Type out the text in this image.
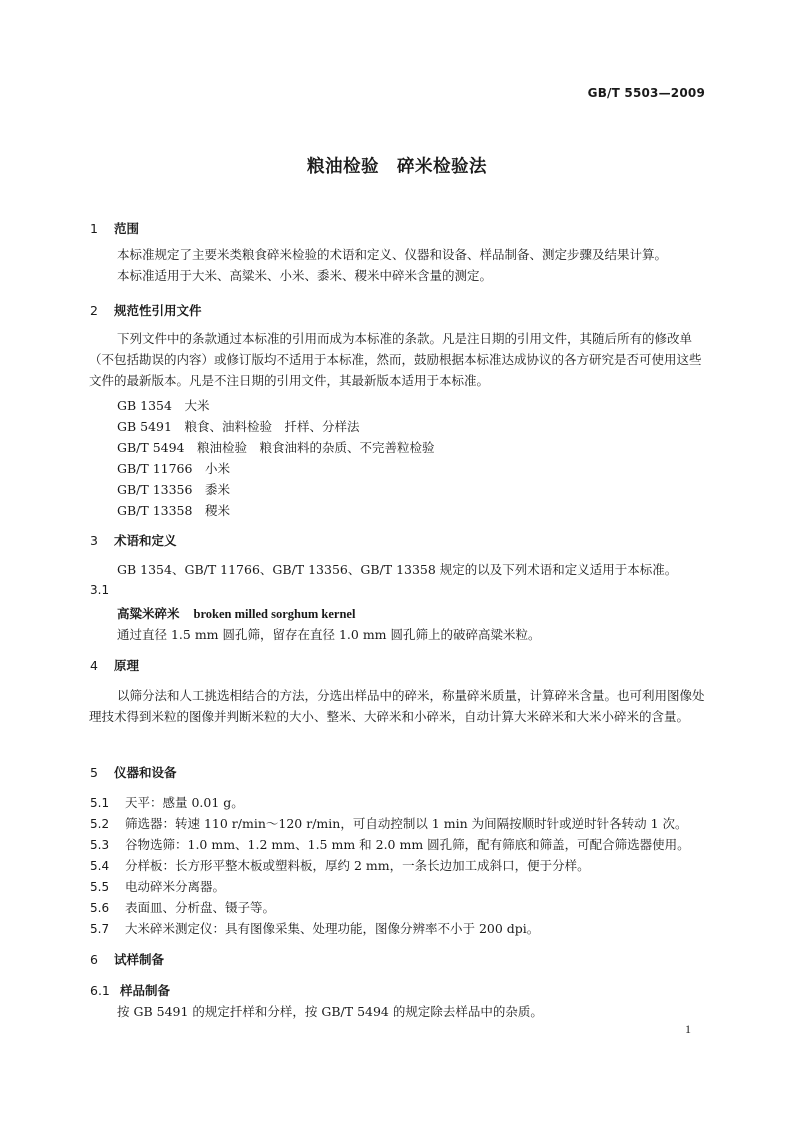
GB/T 5503—2009
粮油检验　碎米检验法
1 范围

本标准规定了主要米类粮食碎米检验的术语和定义、仪器和设备、样品制备、测定步骤及结果计算。

本标准适用于大米、高粱米、小米、黍米、稷米中碎米含量的测定。

2 规范性引用文件

下列文件中的条款通过本标准的引用而成为本标准的条款。凡是注日期的引用文件，其随后所有的修改单（不包括勘误的内容）或修订版均不适用于本标准，然而，鼓励根据本标准达成协议的各方研究是否可使用这些文件的最新版本。凡是不注日期的引用文件，其最新版本适用于本标准。

GB 1354　 大米
GB 5491　 粮食、油料检验　扦样、分样法
GB/T 5494　 粮油检验　粮食油料的杂质、不完善粒检验
GB/T 11766　 小米
GB/T 13356　 黍米
GB/T 13358　 稷米
3 术语和定义

GB 1354、GB/T 11766、GB/T 13356、GB/T 13358 规定的以及下列术语和定义适用于本标准。

3.1
高粱米碎米 broken milled sorghum kernel
通过直径 1.5 mm 圆孔筛，留存在直径 1.0 mm 圆孔筛上的破碎高粱米粒。
4 原理

以筛分法和人工挑选相结合的方法，分选出样品中的碎米，称量碎米质量，计算碎米含量。也可利用图像处理技术得到米粒的图像并判断米粒的大小、整米、大碎米和小碎米，自动计算大米碎米和大米小碎米的含量。

5 仪器和设备
5.1 天平：感量 0.01 g。
5.2 筛选器：转速 110 r/min～120 r/min，可自动控制以 1 min 为间隔按顺时针或逆时针各转动 1 次。
5.3 谷物选筛：1.0 mm、1.2 mm、1.5 mm 和 2.0 mm 圆孔筛，配有筛底和筛盖，可配合筛选器使用。
5.4 分样板：长方形平整木板或塑料板，厚约 2 mm，一条长边加工成斜口，便于分样。
5.5 电动碎米分离器。
5.6 表面皿、分析盘、镊子等。
5.7 大米碎米测定仪：具有图像采集、处理功能，图像分辨率不小于 200 dpi。
6 试样制备
6.1 样品制备

按 GB 5491 的规定扦样和分样，按 GB/T 5494 的规定除去样品中的杂质。

1
